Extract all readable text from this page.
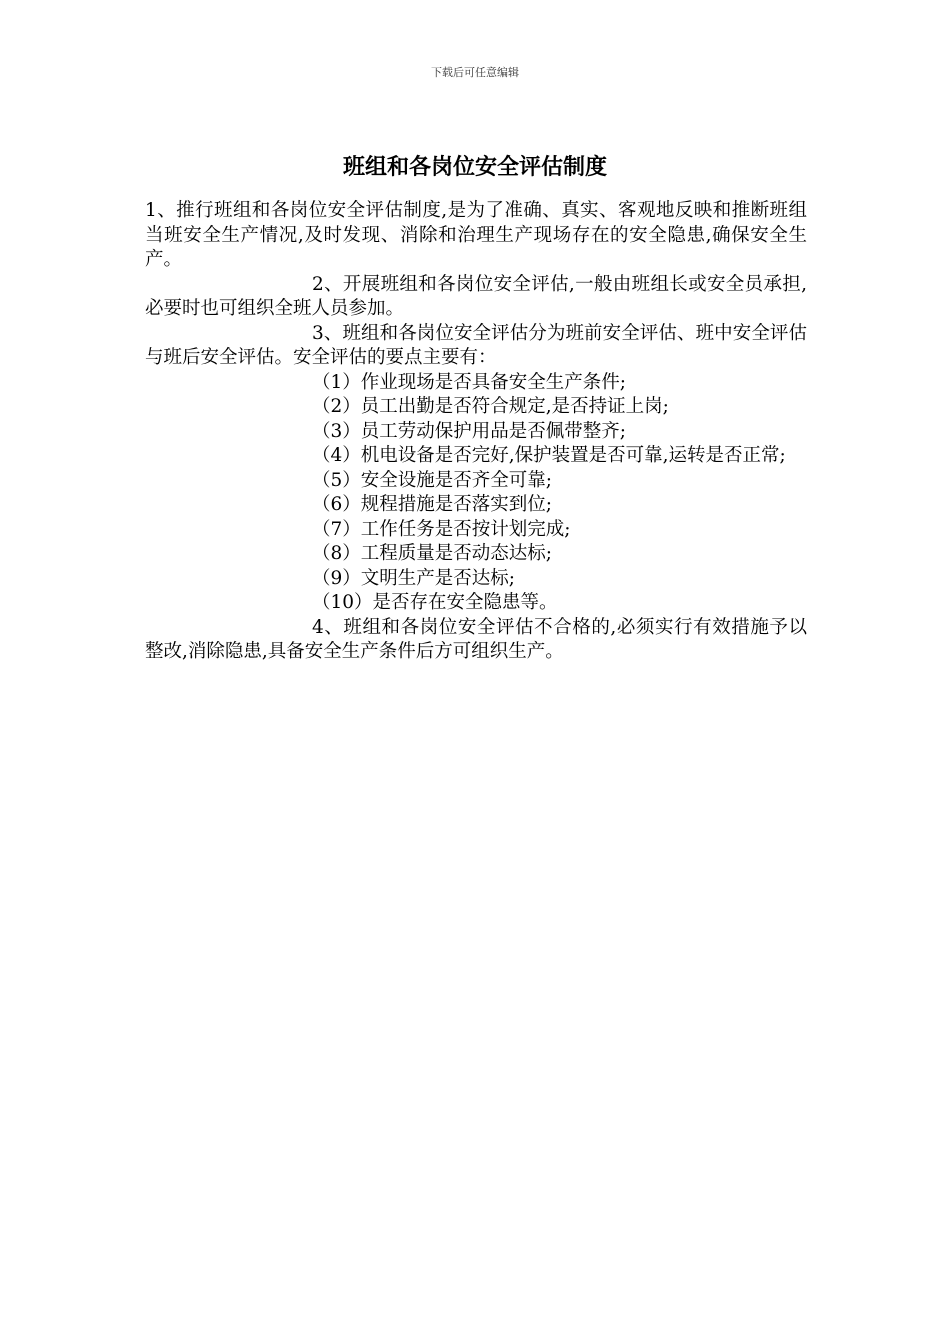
下载后可任意编辑
班组和各岗位安全评估制度

1、推行班组和各岗位安全评估制度,是为了准确、真实、客观地反映和推断班组当班安全生产情况,及时发现、消除和治理生产现场存在的安全隐患,确保安全生产。

2、开展班组和各岗位安全评估,一般由班组长或安全员承担,必要时也可组织全班人员参加。

3、班组和各岗位安全评估分为班前安全评估、班中安全评估与班后安全评估。安全评估的要点主要有：

（1）作业现场是否具备安全生产条件;

（2）员工出勤是否符合规定,是否持证上岗;

（3）员工劳动保护用品是否佩带整齐;

（4）机电设备是否完好,保护装置是否可靠,运转是否正常;

（5）安全设施是否齐全可靠;

（6）规程措施是否落实到位;

（7）工作任务是否按计划完成;

（8）工程质量是否动态达标;

（9）文明生产是否达标;

（10）是否存在安全隐患等。

4、班组和各岗位安全评估不合格的,必须实行有效措施予以整改,消除隐患,具备安全生产条件后方可组织生产。
